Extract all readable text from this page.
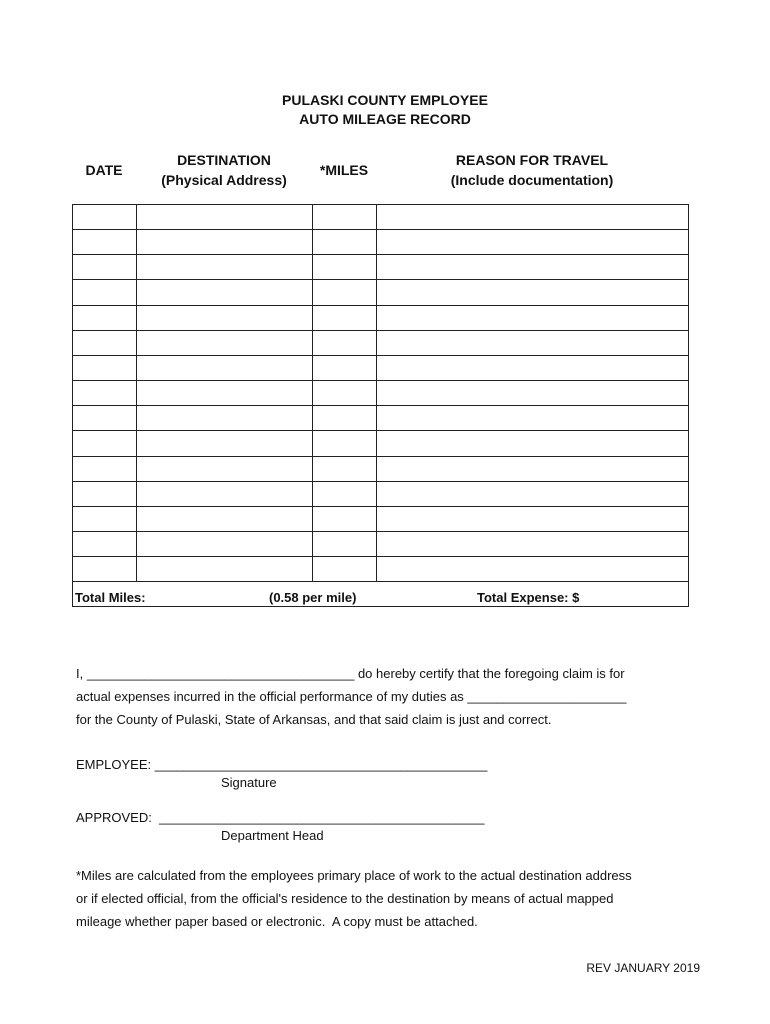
PULASKI COUNTY EMPLOYEE
AUTO MILEAGE RECORD
DATE
DESTINATION
(Physical Address)
*MILES
REASON FOR TRAVEL
(Include documentation)
Total Miles:	(0.58 per mile)	Total Expense: $
I, _____________________________________ do hereby certify that the foregoing claim is for
actual expenses incurred in the official performance of my duties as ______________________
for the County of Pulaski, State of Arkansas, and that said claim is just and correct.
EMPLOYEE: ______________________________________________
Signature
APPROVED:  _____________________________________________
Department Head
*Miles are calculated from the employees primary place of work to the actual destination address
or if elected official, from the official's residence to the destination by means of actual mapped
mileage whether paper based or electronic.  A copy must be attached.
REV JANUARY 2019
